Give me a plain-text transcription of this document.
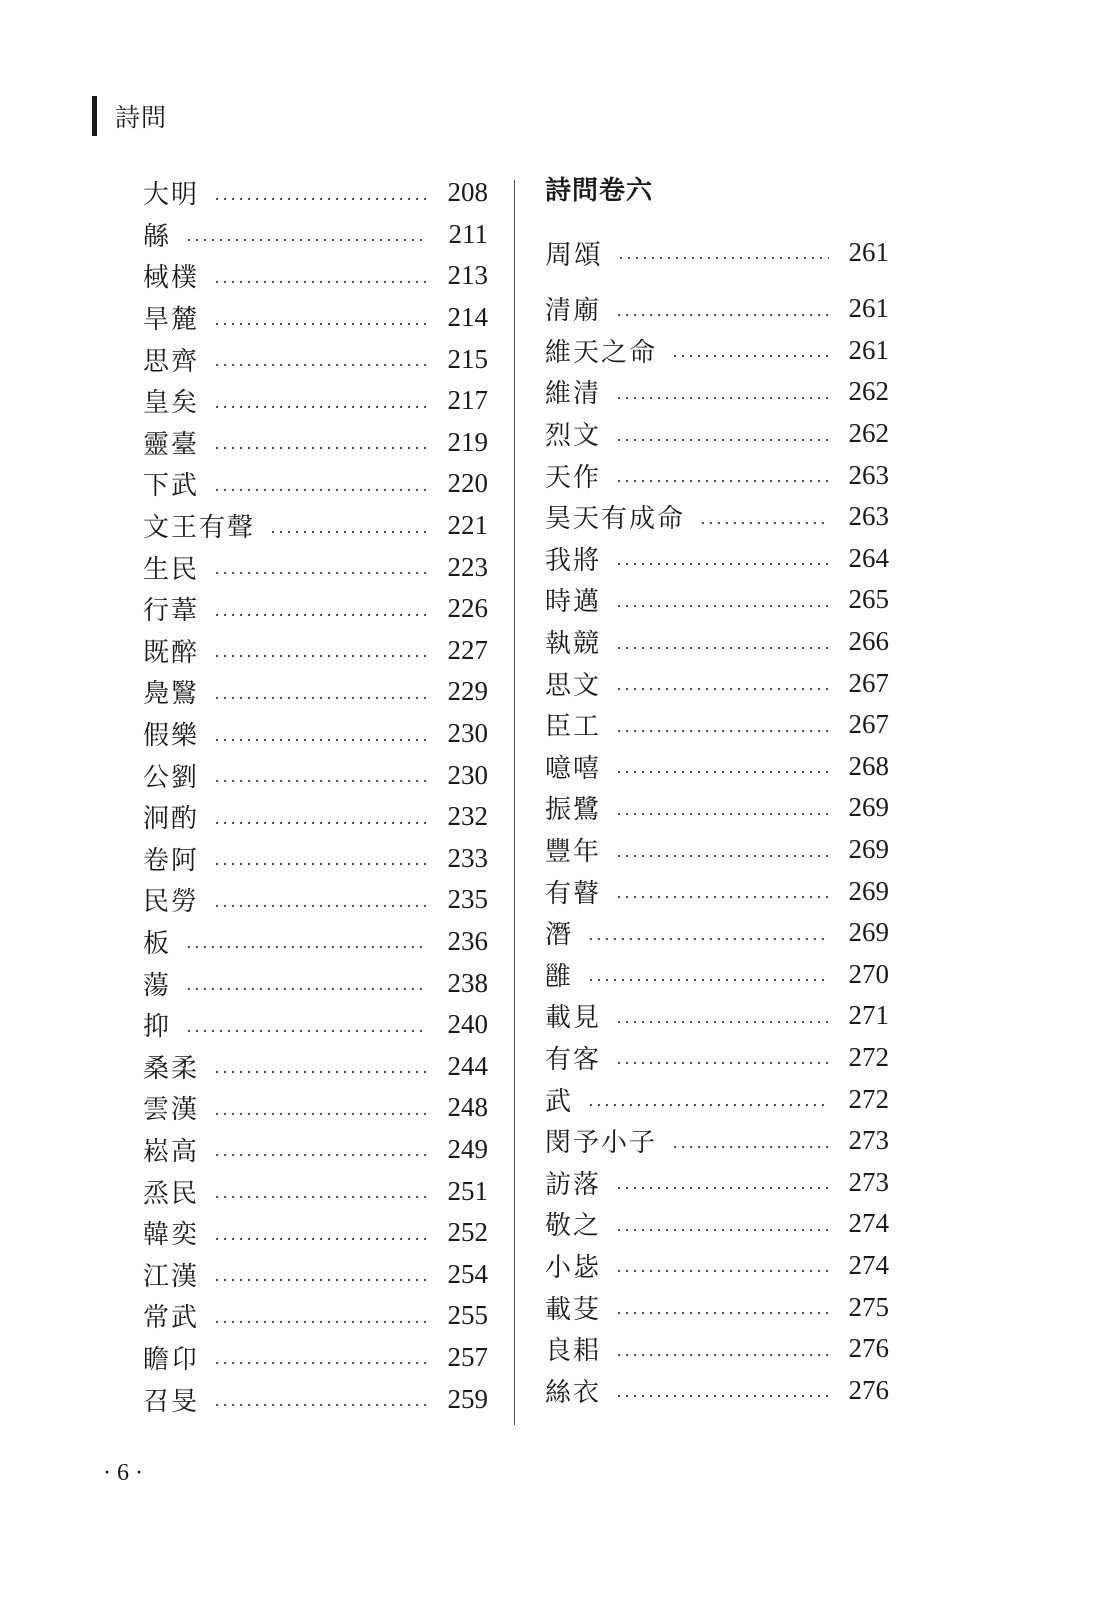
詩問
大明	208
緜	211
棫樸	213
旱麓	214
思齊	215
皇矣	217
靈臺	219
下武	220
文王有聲	221
生民	223
行葦	226
既醉	227
鳧鷖	229
假樂	230
公劉	230
泂酌	232
卷阿	233
民勞	235
板	236
蕩	238
抑	240
桑柔	244
雲漢	248
崧高	249
烝民	251
韓奕	252
江漢	254
常武	255
瞻卬	257
召旻	259
詩問卷六
周頌	261
清廟	261
維天之命	261
維清	262
烈文	262
天作	263
昊天有成命	263
我將	264
時邁	265
執競	266
思文	267
臣工	267
噫嘻	268
振鷺	269
豐年	269
有瞽	269
潛	269
雝	270
載見	271
有客	272
武	272
閔予小子	273
訪落	273
敬之	274
小毖	274
載芟	275
良耜	276
絲衣	276
· 6 ·
